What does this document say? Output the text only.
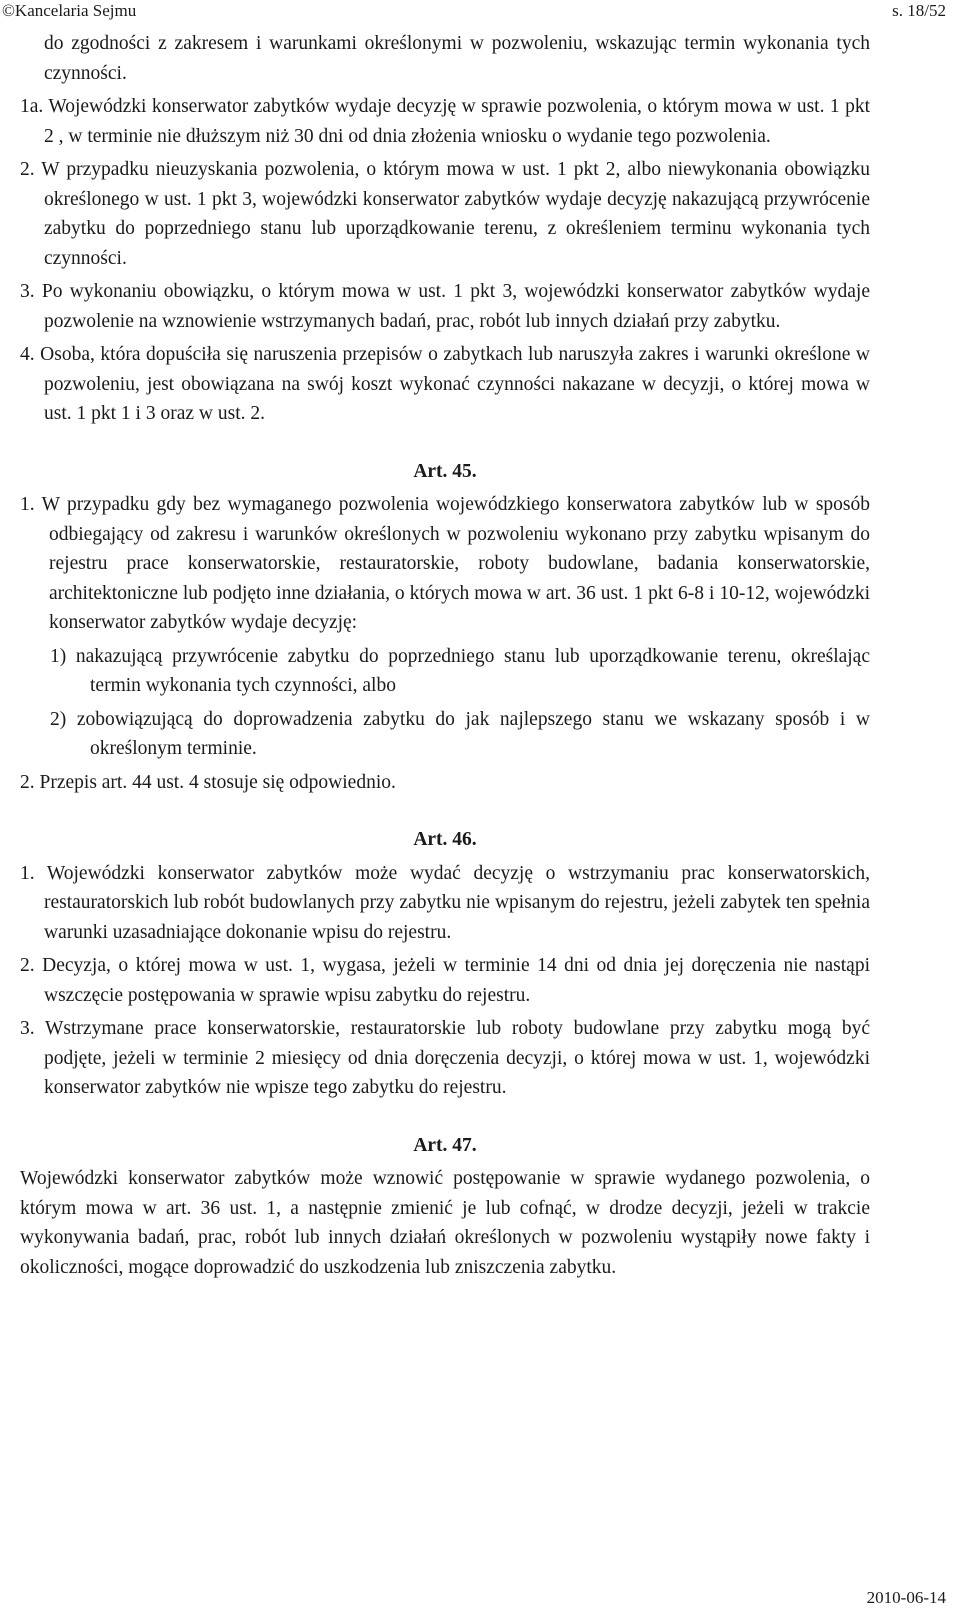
©Kancelaria Sejmu	s. 18/52

do zgodności z zakresem i warunkami określonymi w pozwoleniu, wskazując termin wykonania tych czynności.

1a. Wojewódzki konserwator zabytków wydaje decyzję w sprawie pozwolenia, o którym mowa w ust. 1 pkt 2 , w terminie nie dłuższym niż 30 dni od dnia złożenia wniosku o wydanie tego pozwolenia.

2. W przypadku nieuzyskania pozwolenia, o którym mowa w ust. 1 pkt 2, albo niewykonania obowiązku określonego w ust. 1 pkt 3, wojewódzki konserwator zabytków wydaje decyzję nakazującą przywrócenie zabytku do poprzedniego stanu lub uporządkowanie terenu, z określeniem terminu wykonania tych czynności.

3. Po wykonaniu obowiązku, o którym mowa w ust. 1 pkt 3, wojewódzki konserwator zabytków wydaje pozwolenie na wznowienie wstrzymanych badań, prac, robót lub innych działań przy zabytku.

4. Osoba, która dopuściła się naruszenia przepisów o zabytkach lub naruszyła zakres i warunki określone w pozwoleniu, jest obowiązana na swój koszt wykonać czynności nakazane w decyzji, o której mowa w ust. 1 pkt 1 i 3 oraz w ust. 2.

Art. 45.

1. W przypadku gdy bez wymaganego pozwolenia wojewódzkiego konserwatora zabytków lub w sposób odbiegający od zakresu i warunków określonych w pozwoleniu wykonano przy zabytku wpisanym do rejestru prace konserwatorskie, restauratorskie, roboty budowlane, badania konserwatorskie, architektoniczne lub podjęto inne działania, o których mowa w art. 36 ust. 1 pkt 6-8 i 10-12, wojewódzki konserwator zabytków wydaje decyzję:

1) nakazującą przywrócenie zabytku do poprzedniego stanu lub uporządkowanie terenu, określając termin wykonania tych czynności, albo

2) zobowiązującą do doprowadzenia zabytku do jak najlepszego stanu we wskazany sposób i w określonym terminie.

2. Przepis art. 44 ust. 4 stosuje się odpowiednio.

Art. 46.

1. Wojewódzki konserwator zabytków może wydać decyzję o wstrzymaniu prac konserwatorskich, restauratorskich lub robót budowlanych przy zabytku nie wpisanym do rejestru, jeżeli zabytek ten spełnia warunki uzasadniające dokonanie wpisu do rejestru.

2. Decyzja, o której mowa w ust. 1, wygasa, jeżeli w terminie 14 dni od dnia jej doręczenia nie nastąpi wszczęcie postępowania w sprawie wpisu zabytku do rejestru.

3. Wstrzymane prace konserwatorskie, restauratorskie lub roboty budowlane przy zabytku mogą być podjęte, jeżeli w terminie 2 miesięcy od dnia doręczenia decyzji, o której mowa w ust. 1, wojewódzki konserwator zabytków nie wpisze tego zabytku do rejestru.

Art. 47.

Wojewódzki konserwator zabytków może wznowić postępowanie w sprawie wydanego pozwolenia, o którym mowa w art. 36 ust. 1, a następnie zmienić je lub cofnąć, w drodze decyzji, jeżeli w trakcie wykonywania badań, prac, robót lub innych działań określonych w pozwoleniu wystąpiły nowe fakty i okoliczności, mogące doprowadzić do uszkodzenia lub zniszczenia zabytku.

2010-06-14
